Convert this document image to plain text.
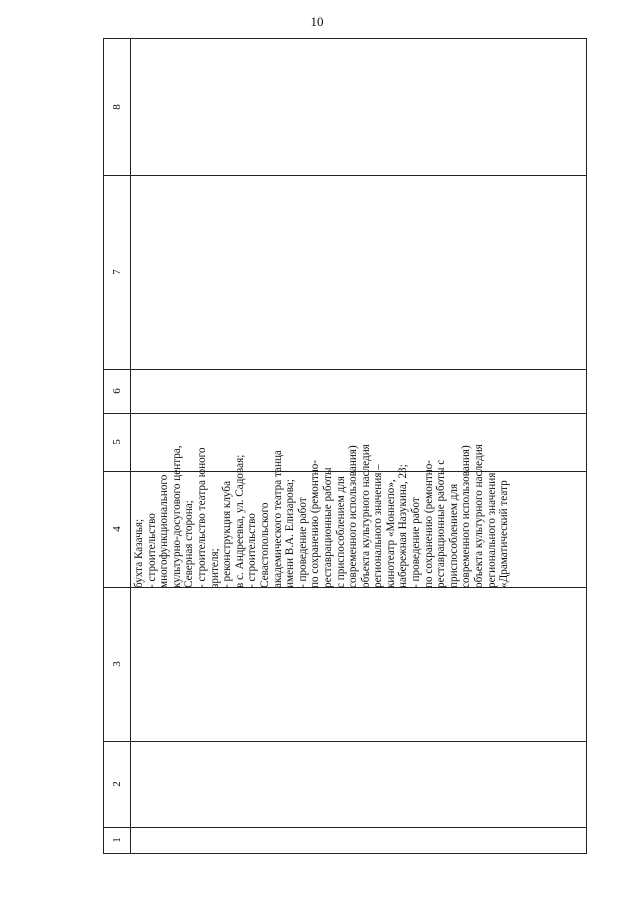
10
8
7
6
5
4
3
2
1
бухта Казачья; - строительство многофункционального культурно-досугового центра, Северная сторона; - строительство театра юного зрителя; - реконструкция клуба в с. Андреевка, ул. Садовая; - строительство Севастопольского академического театра танца имени В.А. Елизарова; - проведение работ по сохранению (ремонтно- реставрационные работы с приспособлением для современного использования) объекта культурного наследия регионального значения – кинотеатр «Моннепо», набережная Назукина, 23; - проведение работ по сохранению (ремонтно- реставрационные работы с приспособлением для современного использования) объекта культурного наследия регионального значения «Драматический театр
